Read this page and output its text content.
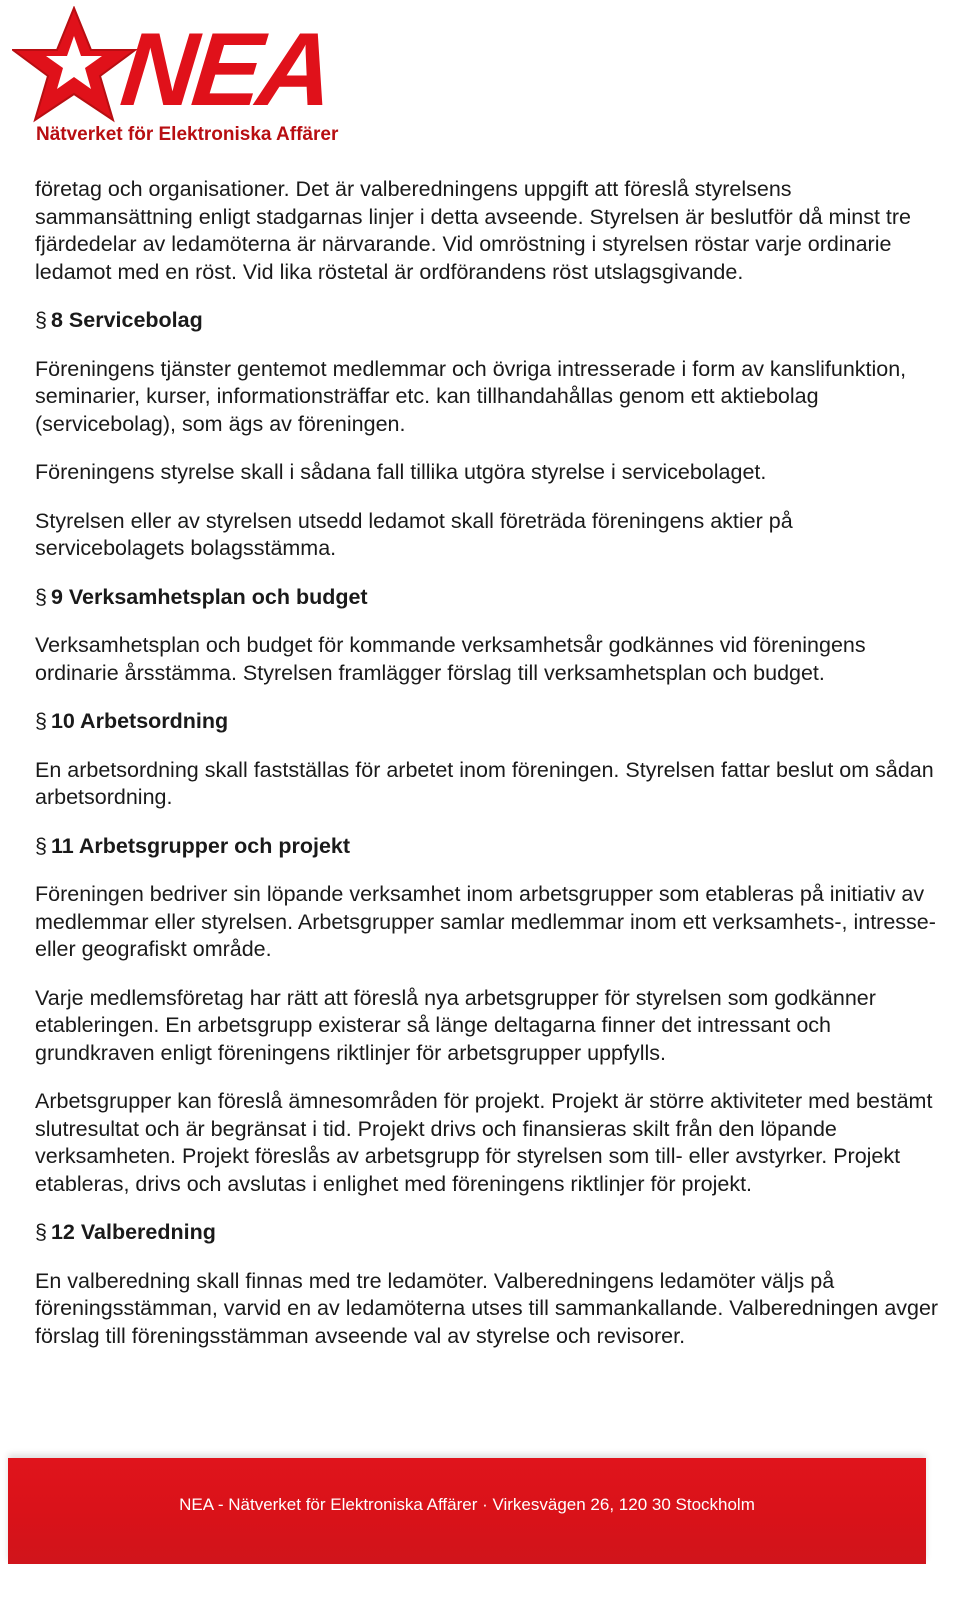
NEA
Nätverket för Elektroniska Affärer

företag och organisationer. Det är valberedningens uppgift att föreslå styrelsens sammansättning enligt stadgarnas linjer i detta avseende. Styrelsen är beslutför då minst tre fjärdedelar av ledamöterna är närvarande. Vid omröstning i styrelsen röstar varje ordinarie ledamot med en röst. Vid lika röstetal är ordförandens röst utslagsgivande.

§ 8 Servicebolag

Föreningens tjänster gentemot medlemmar och övriga intresserade i form av kanslifunktion, seminarier, kurser, informationsträffar etc. kan tillhandahållas genom ett aktiebolag (servicebolag), som ägs av föreningen.

Föreningens styrelse skall i sådana fall tillika utgöra styrelse i servicebolaget.

Styrelsen eller av styrelsen utsedd ledamot skall företräda föreningens aktier på servicebolagets bolagsstämma.

§ 9 Verksamhetsplan och budget

Verksamhetsplan och budget för kommande verksamhetsår godkännes vid föreningens ordinarie årsstämma. Styrelsen framlägger förslag till verksamhetsplan och budget.

§ 10 Arbetsordning

En arbetsordning skall fastställas för arbetet inom föreningen. Styrelsen fattar beslut om sådan arbetsordning.

§ 11 Arbetsgrupper och projekt

Föreningen bedriver sin löpande verksamhet inom arbetsgrupper som etableras på initiativ av medlemmar eller styrelsen. Arbetsgrupper samlar medlemmar inom ett verksamhets-, intresse- eller geografiskt område.

Varje medlemsföretag har rätt att föreslå nya arbetsgrupper för styrelsen som godkänner etableringen. En arbetsgrupp existerar så länge deltagarna finner det intressant och grundkraven enligt föreningens riktlinjer för arbetsgrupper uppfylls.

Arbetsgrupper kan föreslå ämnesområden för projekt. Projekt är större aktiviteter med bestämt slutresultat och är begränsat i tid. Projekt drivs och finansieras skilt från den löpande verksamheten. Projekt föreslås av arbetsgrupp för styrelsen som till- eller avstyrker. Projekt etableras, drivs och avslutas i enlighet med föreningens riktlinjer för projekt.

§ 12 Valberedning

En valberedning skall finnas med tre ledamöter. Valberedningens ledamöter väljs på föreningsstämman, varvid en av ledamöterna utses till sammankallande. Valberedningen avger förslag till föreningsstämman avseende val av styrelse och revisorer.

NEA - Nätverket för Elektroniska Affärer · Virkesvägen 26, 120 30 Stockholm
